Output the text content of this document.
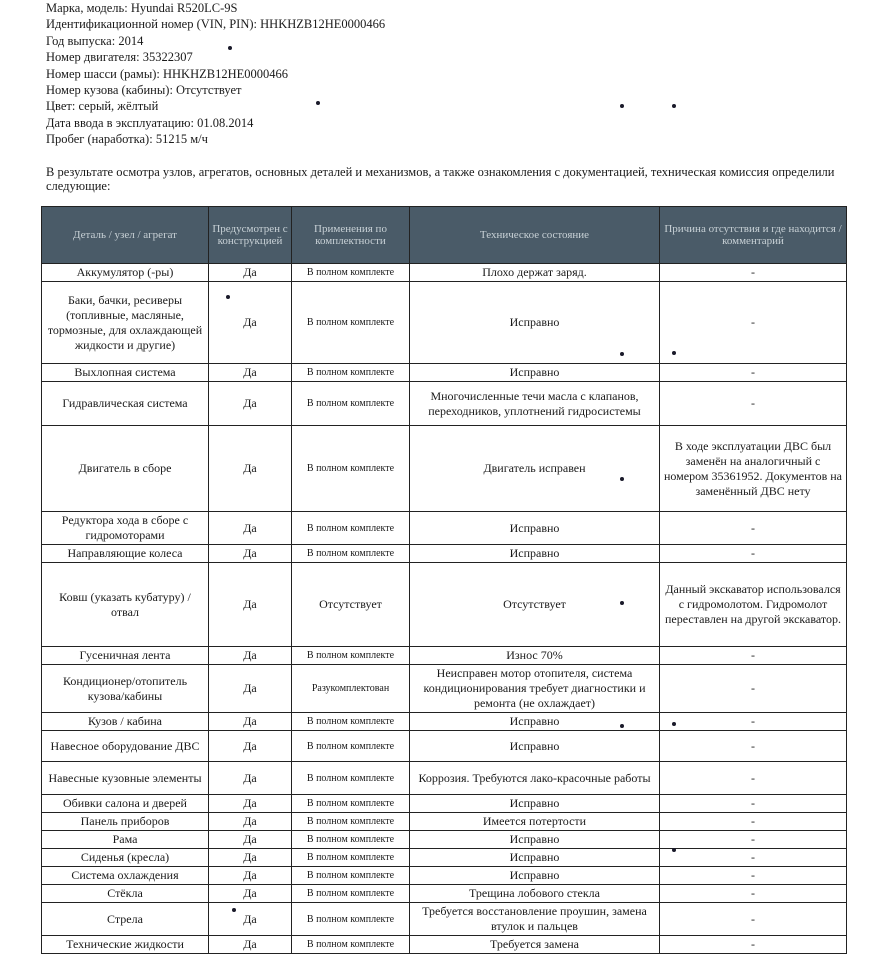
Марка, модель: Hyundai R520LC-9S
Идентификационной номер (VIN, PIN): HHKHZB12HE0000466
Год выпуска: 2014
Номер двигателя: 35322307
Номер шасси (рамы): HHKHZB12HE0000466
Номер кузова (кабины): Отсутствует
Цвет: серый, жёлтый
Дата ввода в эксплуатацию: 01.08.2014
Пробег (наработка): 51215 м/ч
В результате осмотра узлов, агрегатов, основных деталей и механизмов, а также ознакомления с документацией, техническая комиссия определили следующие:
Деталь / узел / агрегат	Предусмотрен с конструкцией	Применения по комплектности	Техническое состояние	Причина отсутствия и где находится / комментарий
Аккумулятор (-ры)	Да	В полном комплекте	Плохо держат заряд.	-
Баки, бачки, ресиверы (топливные, масляные, тормозные, для охлаждающей жидкости и другие)	Да	В полном комплекте	Исправно	-
Выхлопная система	Да	В полном комплекте	Исправно	-
Гидравлическая система	Да	В полном комплекте	Многочисленные течи масла с клапанов, переходников, уплотнений гидросистемы	-
Двигатель в сборе	Да	В полном комплекте	Двигатель исправен	В ходе эксплуатации ДВС был заменён на аналогичный с номером 35361952. Документов на заменённый ДВС нету
Редуктора хода в сборе с гидромоторами	Да	В полном комплекте	Исправно	-
Направляющие колеса	Да	В полном комплекте	Исправно	-
Ковш (указать кубатуру) / отвал	Да	Отсутствует	Отсутствует	Данный экскаватор использовался с гидромолотом. Гидромолот переставлен на другой экскаватор.
Гусеничная лента	Да	В полном комплекте	Износ 70%	-
Кондиционер/отопитель кузова/кабины	Да	Разукомплектован	Неисправен мотор отопителя, система кондиционирования требует диагностики и ремонта (не охлаждает)	-
Кузов / кабина	Да	В полном комплекте	Исправно	-
Навесное оборудование ДВС	Да	В полном комплекте	Исправно	-
Навесные кузовные элементы	Да	В полном комплекте	Коррозия. Требуются лако-красочные работы	-
Обивки салона и дверей	Да	В полном комплекте	Исправно	-
Панель приборов	Да	В полном комплекте	Имеется потертости	-
Рама	Да	В полном комплекте	Исправно	-
Сиденья (кресла)	Да	В полном комплекте	Исправно	-
Система охлаждения	Да	В полном комплекте	Исправно	-
Стёкла	Да	В полном комплекте	Трещина лобового стекла	-
Стрела	Да	В полном комплекте	Требуется восстановление проушин, замена втулок и пальцев	-
Технические жидкости	Да	В полном комплекте	Требуется замена	-
